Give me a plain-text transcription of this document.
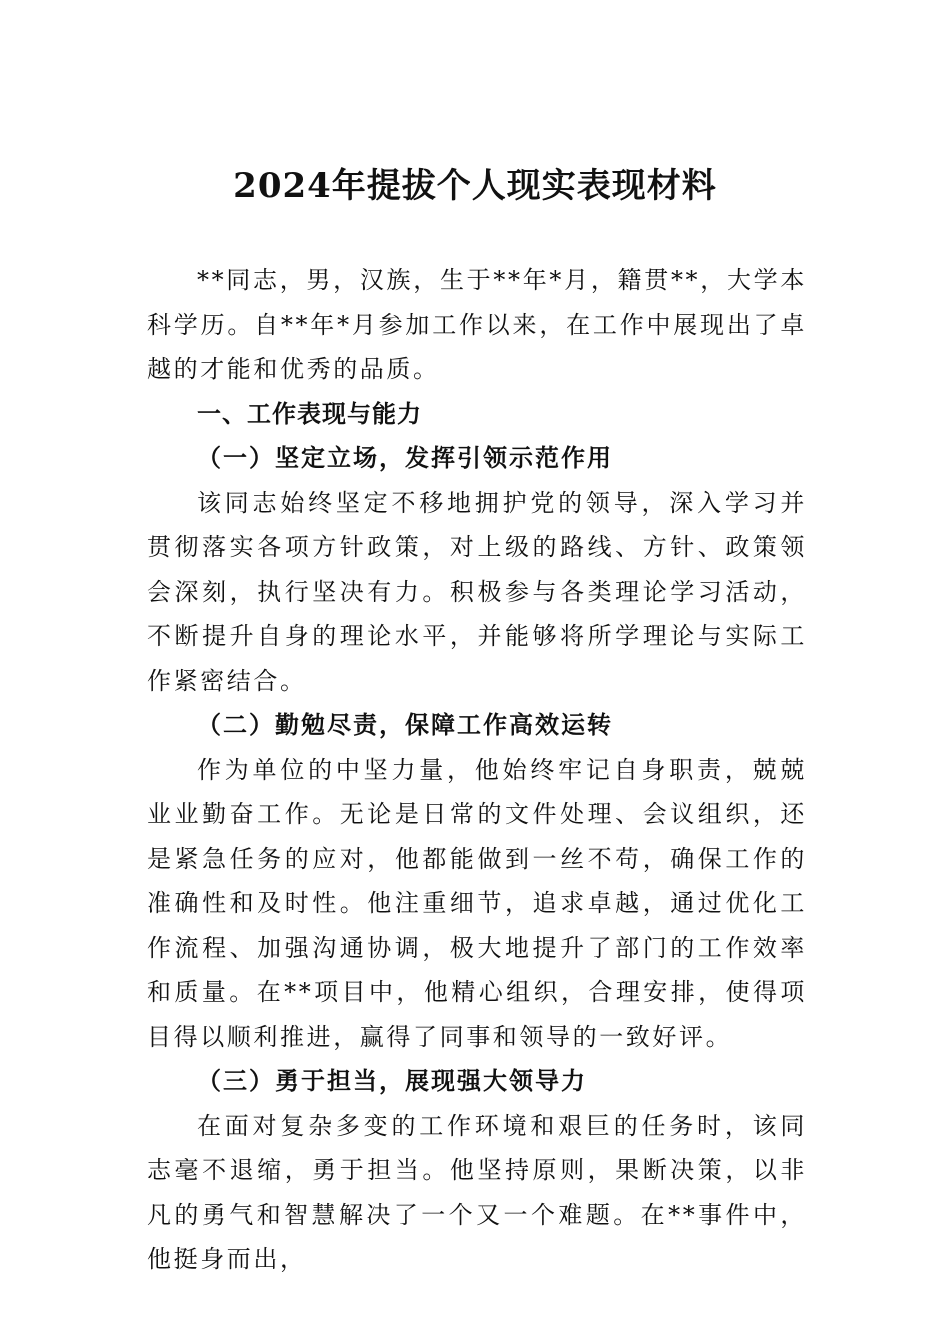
2024年提拔个人现实表现材料

**同志，男，汉族，生于**年*月，籍贯**，大学本科学历。自**年*月参加工作以来，在工作中展现出了卓越的才能和优秀的品质。

一、工作表现与能力

（一）坚定立场，发挥引领示范作用

该同志始终坚定不移地拥护党的领导，深入学习并贯彻落实各项方针政策，对上级的路线、方针、政策领会深刻，执行坚决有力。积极参与各类理论学习活动，不断提升自身的理论水平，并能够将所学理论与实际工作紧密结合。

（二）勤勉尽责，保障工作高效运转

作为单位的中坚力量，他始终牢记自身职责，兢兢业业勤奋工作。无论是日常的文件处理、会议组织，还是紧急任务的应对，他都能做到一丝不苟，确保工作的准确性和及时性。他注重细节，追求卓越，通过优化工作流程、加强沟通协调，极大地提升了部门的工作效率和质量。在**项目中，他精心组织，合理安排，使得项目得以顺利推进，赢得了同事和领导的一致好评。

（三）勇于担当，展现强大领导力

在面对复杂多变的工作环境和艰巨的任务时，该同志毫不退缩，勇于担当。他坚持原则，果断决策，以非凡的勇气和智慧解决了一个又一个难题。在**事件中，他挺身而出，
